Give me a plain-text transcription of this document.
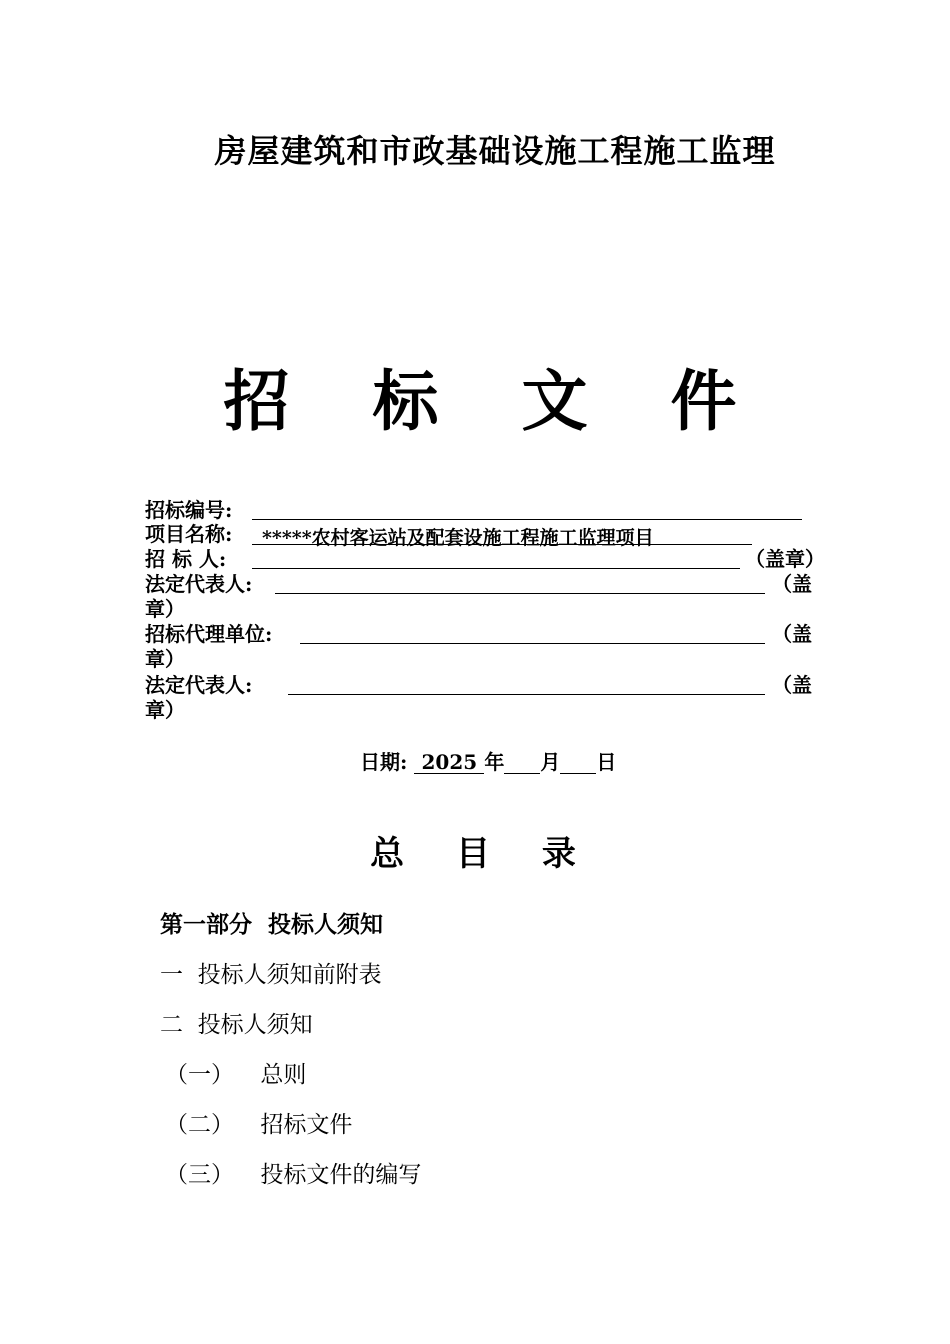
房屋建筑和市政基础设施工程施工监理
招 标 文 件
招标编号:
项目名称: *****农村客运站及配套设施工程施工监理项目
招 标 人:	（盖章）
法定代表人:	（盖
章）
招标代理单位:	（盖
章）
法定代表人:	（盖
章）
日期: 2025 年 月 日
总 目 录
第一部分 投标人须知
一 投标人须知前附表
二 投标人须知
（一） 总则
（二） 招标文件
（三） 投标文件的编写
